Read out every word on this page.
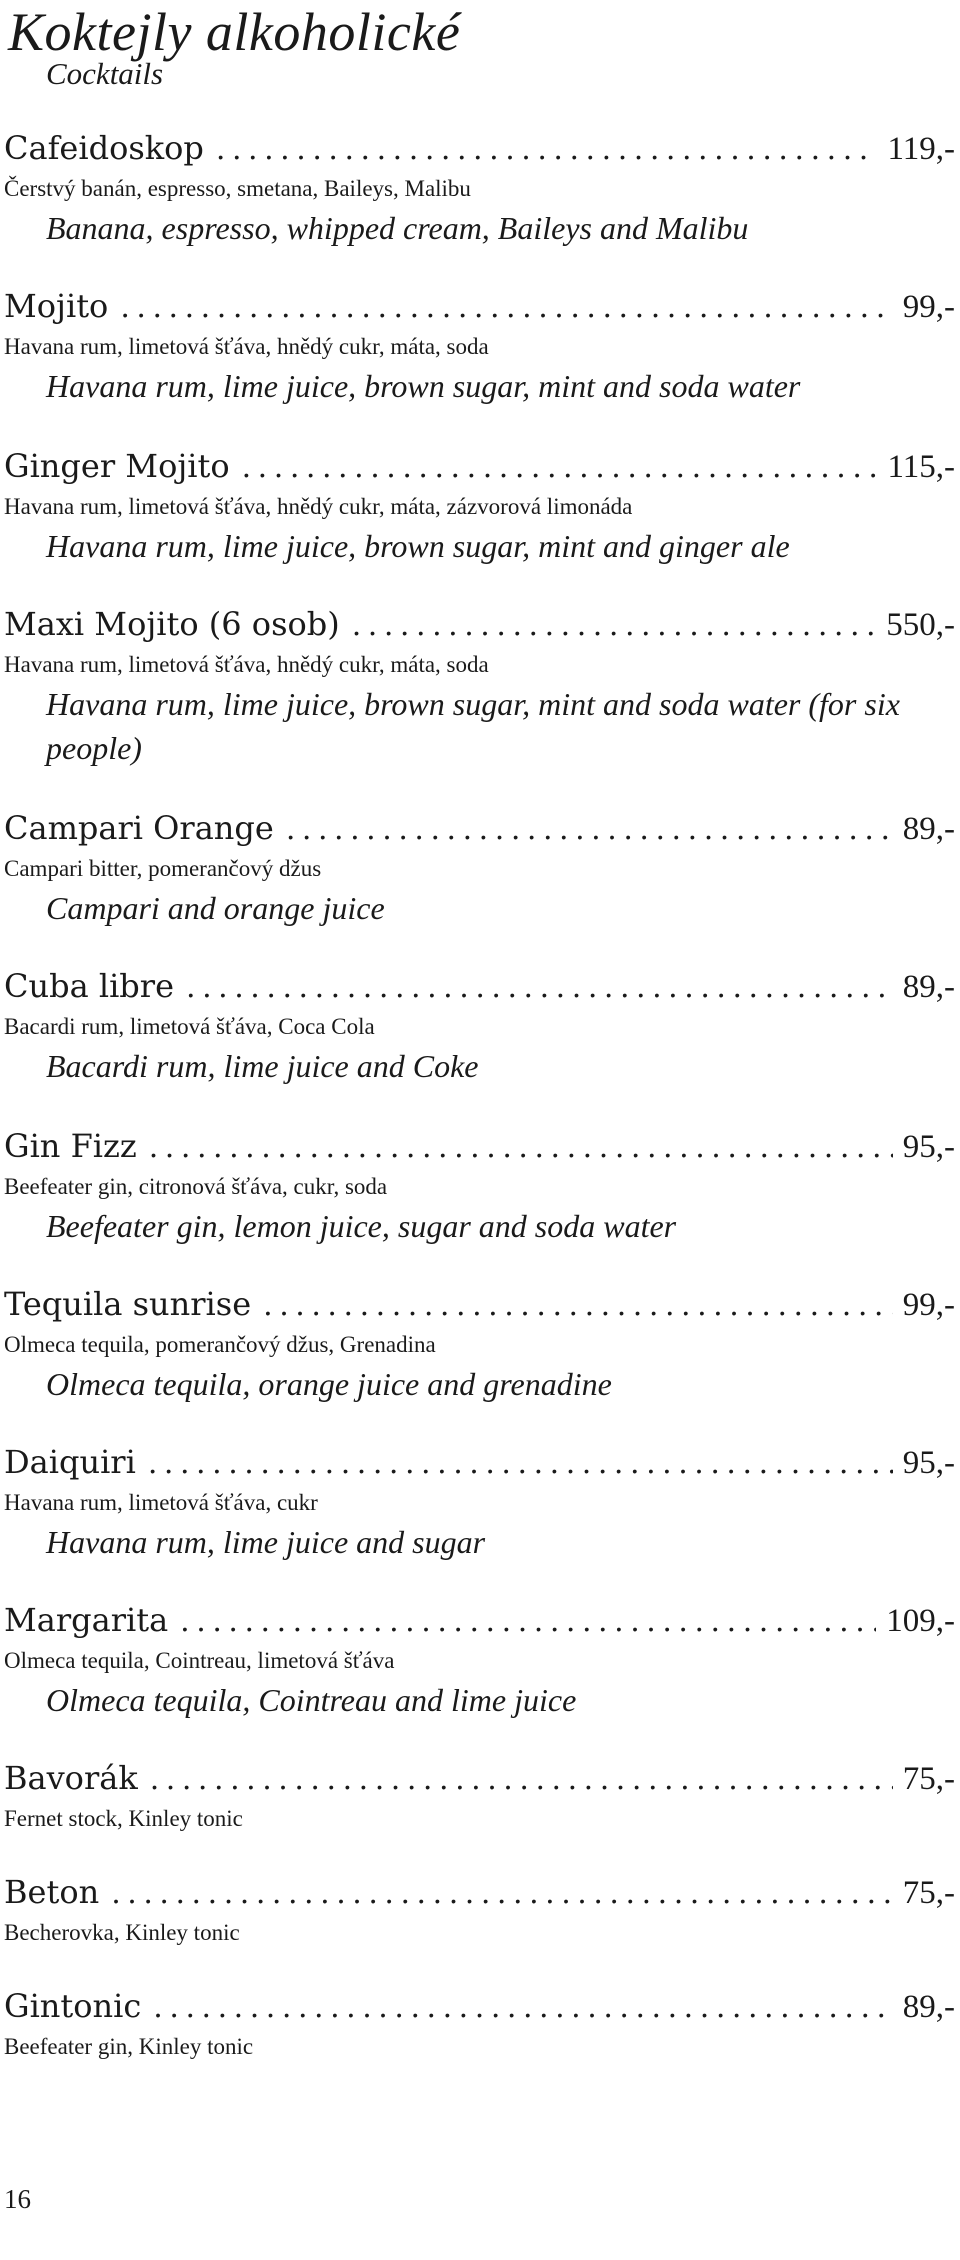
Koktejly alkoholické
Cocktails
Cafeidoskop . . .	119,-
Čerstvý banán, espresso, smetana, Baileys, Malibu
Banana, espresso, whipped cream, Baileys and Malibu
Mojito . . .	99,-
Havana rum, limetová šťáva, hnědý cukr, máta, soda
Havana rum, lime juice, brown sugar, mint and soda water
Ginger Mojito . . .	115,-
Havana rum, limetová šťáva, hnědý cukr, máta, zázvorová limonáda
Havana rum, lime juice, brown sugar, mint and ginger ale
Maxi Mojito (6 osob) . . .	550,-
Havana rum, limetová šťáva, hnědý cukr, máta, soda
Havana rum, lime juice, brown sugar, mint and soda water (for six people)
Campari Orange . . .	89,-
Campari bitter, pomerančový džus
Campari and orange juice
Cuba libre . . .	89,-
Bacardi rum, limetová šťáva, Coca Cola
Bacardi rum, lime juice and Coke
Gin Fizz . . .	95,-
Beefeater gin, citronová šťáva, cukr, soda
Beefeater gin, lemon juice, sugar and soda water
Tequila sunrise . . .	99,-
Olmeca tequila, pomerančový džus, Grenadina
Olmeca tequila, orange juice and grenadine
Daiquiri . . .	95,-
Havana rum, limetová šťáva, cukr
Havana rum, lime juice and sugar
Margarita . . .	109,-
Olmeca tequila, Cointreau, limetová šťáva
Olmeca tequila, Cointreau and lime juice
Bavorák . . .	75,-
Fernet stock, Kinley tonic
Beton . . .	75,-
Becherovka, Kinley tonic
Gintonic . . .	89,-
Beefeater gin, Kinley tonic
16
